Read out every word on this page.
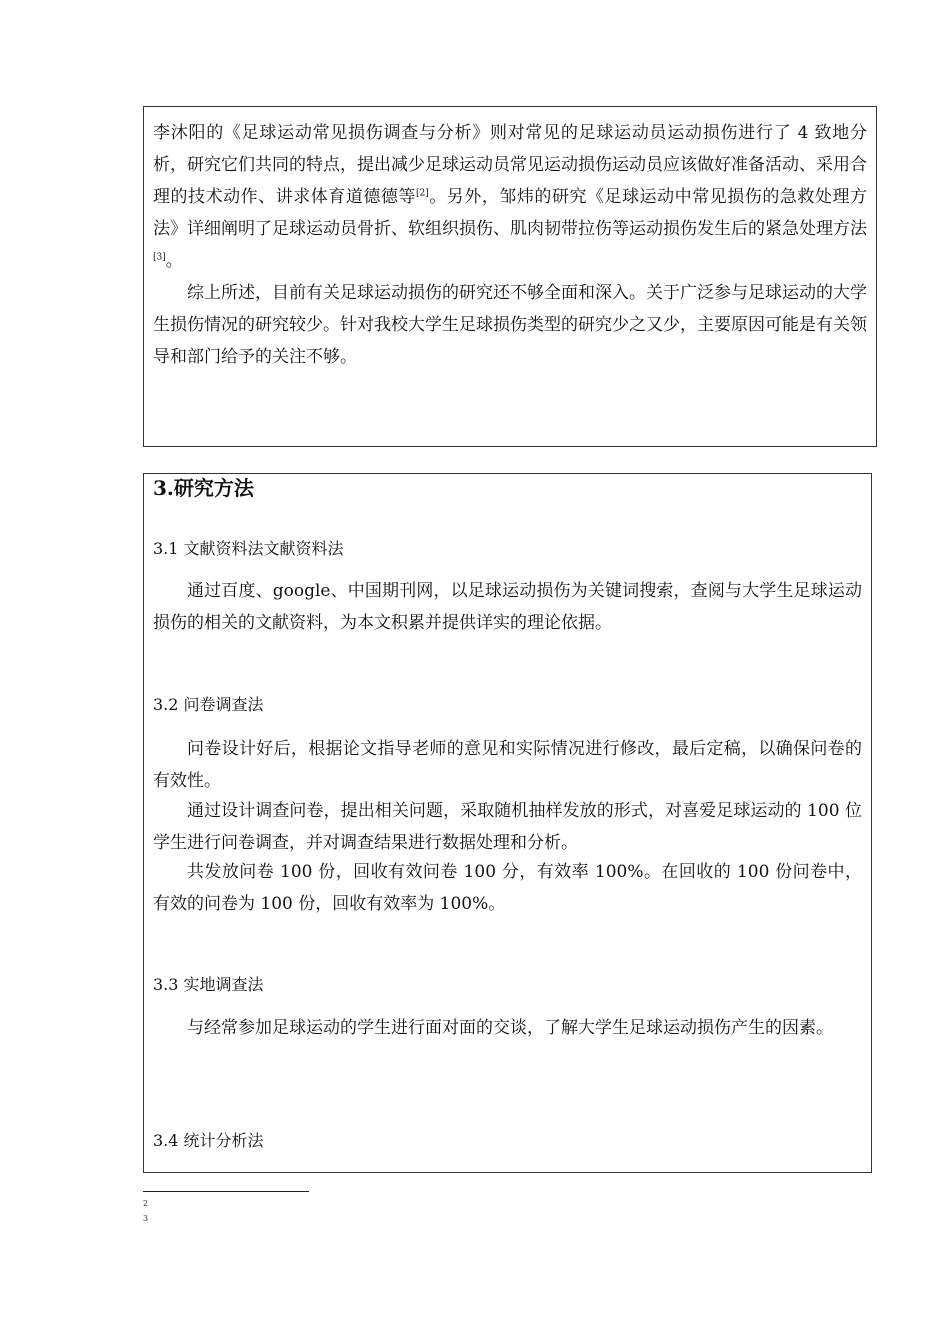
李沐阳的《足球运动常见损伤调查与分析》则对常见的足球运动员运动损伤进行了 4 致地分析，研究它们共同的特点，提出减少足球运动员常见运动损伤运动员应该做好准备活动、采用合理的技术动作、讲求体育道德德等[2]。另外，邹炜的研究《足球运动中常见损伤的急救处理方法》详细阐明了足球运动员骨折、软组织损伤、肌肉韧带拉伤等运动损伤发生后的紧急处理方法[3]。

综上所述，目前有关足球运动损伤的研究还不够全面和深入。关于广泛参与足球运动的大学生损伤情况的研究较少。针对我校大学生足球损伤类型的研究少之又少，主要原因可能是有关领导和部门给予的关注不够。

3.研究方法
3.1 文献资料法文献资料法

通过百度、google、中国期刊网，以足球运动损伤为关键词搜索，查阅与大学生足球运动损伤的相关的文献资料，为本文积累并提供详实的理论依据。

3.2 问卷调查法

问卷设计好后，根据论文指导老师的意见和实际情况进行修改，最后定稿，以确保问卷的有效性。

通过设计调查问卷，提出相关问题，采取随机抽样发放的形式，对喜爱足球运动的 100 位学生进行问卷调查，并对调查结果进行数据处理和分析。

共发放问卷 100 份，回收有效问卷 100 分，有效率 100%。在回收的 100 份问卷中，有效的问卷为 100 份，回收有效率为 100%。

3.3 实地调查法

与经常参加足球运动的学生进行面对面的交谈，了解大学生足球运动损伤产生的因素。

3.4 统计分析法
2
3
